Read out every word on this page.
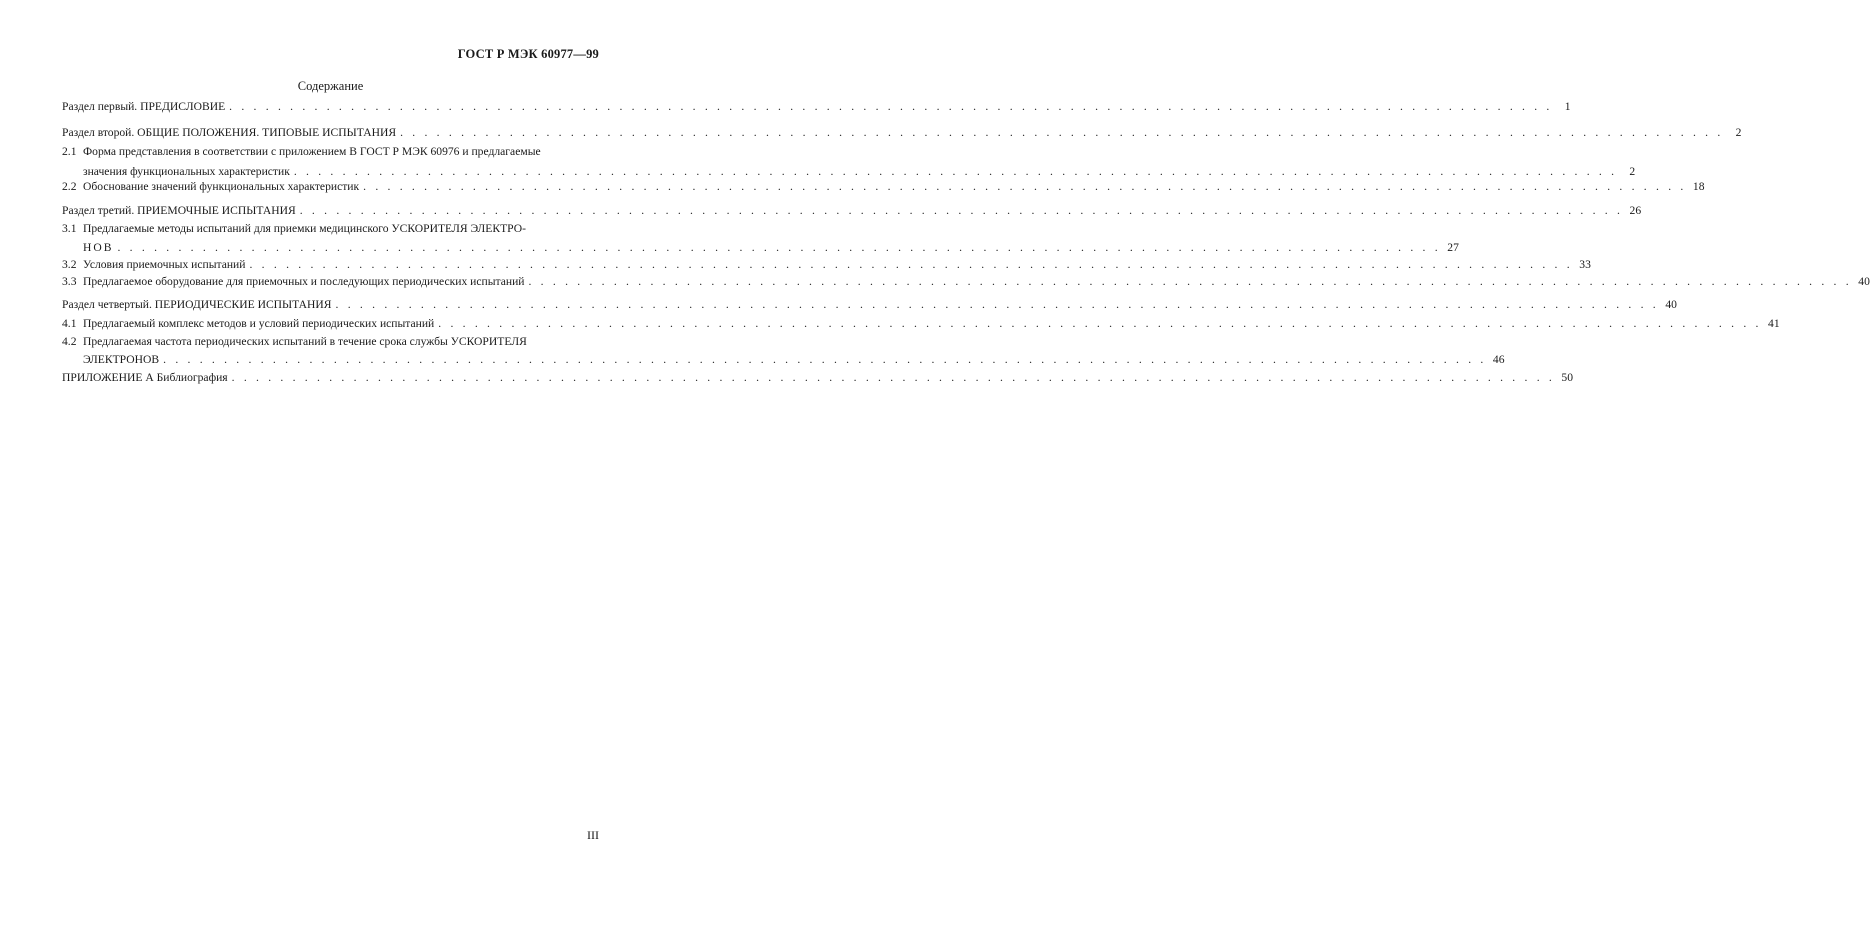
ГОСТ Р МЭК 60977—99
Содержание
Раздел первый. ПРЕДИСЛОВИЕ . . .	1
Раздел второй. ОБЩИЕ ПОЛОЖЕНИЯ. ТИПОВЫЕ ИСПЫТАНИЯ . . .	2
2.1 Форма представления в соответствии с приложением В ГОСТ Р МЭК 60976 и предлагаемые
значения функциональных характеристик . . .	2
2.2 Обоснование значений функциональных характеристик . . .	18
Раздел третий. ПРИЕМОЧНЫЕ ИСПЫТАНИЯ . . .	26
3.1 Предлагаемые методы испытаний для приемки медицинского УСКОРИТЕЛЯ ЭЛЕКТРО-
НОВ . . .	27
3.2 Условия приемочных испытаний . . .	33
3.3 Предлагаемое оборудование для приемочных и последующих периодических испытаний . . .	40
Раздел четвертый. ПЕРИОДИЧЕСКИЕ ИСПЫТАНИЯ . . .	40
4.1 Предлагаемый комплекс методов и условий периодических испытаний . . .	41
4.2 Предлагаемая частота периодических испытаний в течение срока службы УСКОРИТЕЛЯ
ЭЛЕКТРОНОВ . . .	46
ПРИЛОЖЕНИЕ А Библиография . . .	50
III
